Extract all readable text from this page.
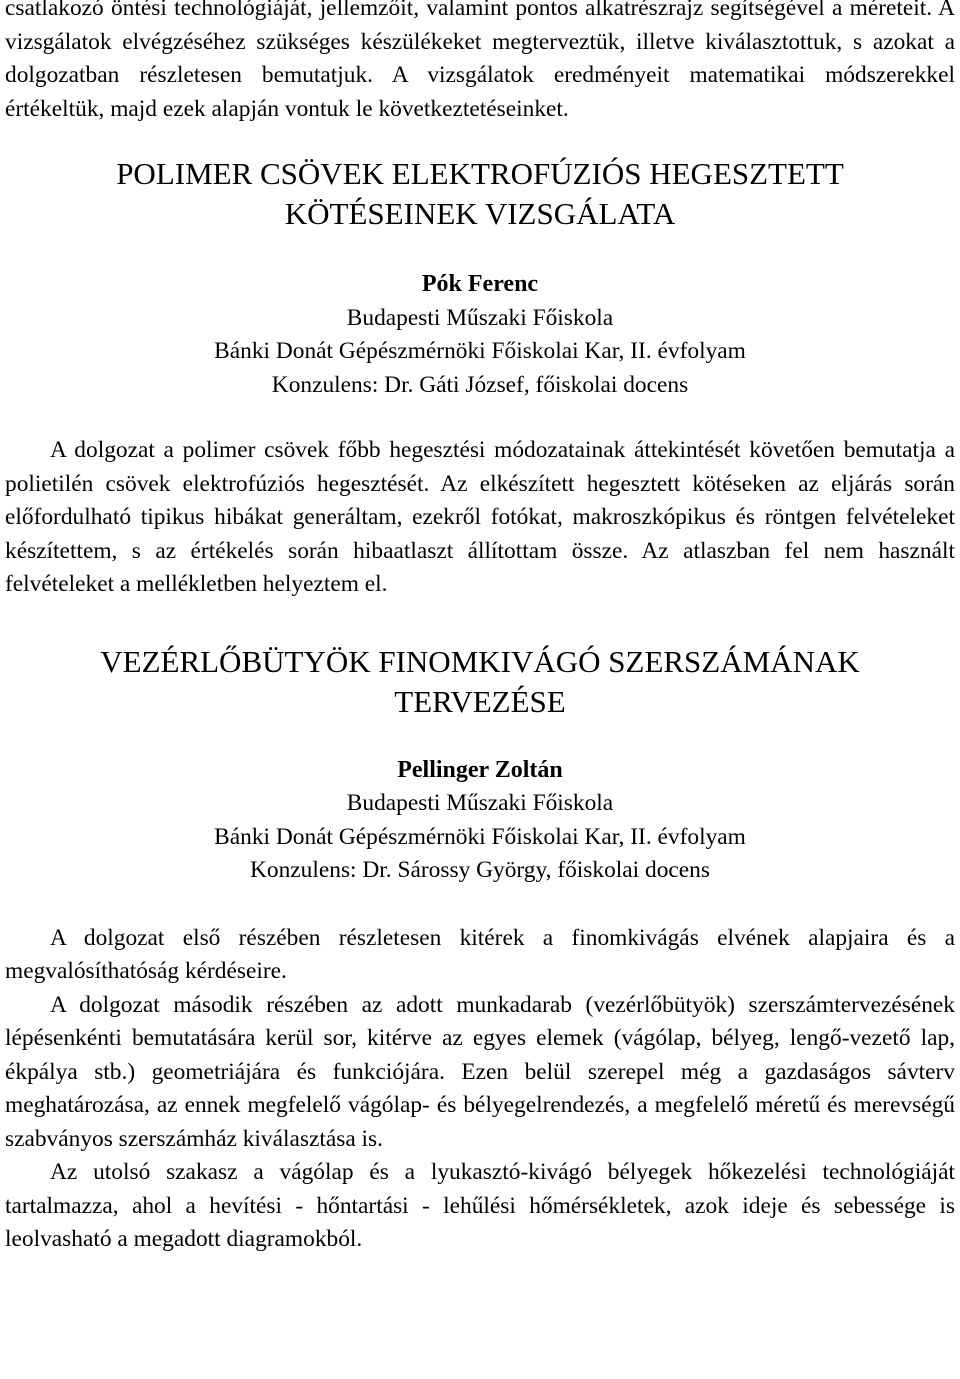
csatlakozó öntési technológiáját, jellemzőit, valamint pontos alkatrészrajz segítségével a méreteit. A vizsgálatok elvégzéséhez szükséges készülékeket megterveztük, illetve kiválasztottuk, s azokat a dolgozatban részletesen bemutatjuk. A vizsgálatok eredményeit matematikai módszerekkel értékeltük, majd ezek alapján vontuk le következtetéseinket.

POLIMER CSÖVEK ELEKTROFÚZIÓS HEGESZTETT
KÖTÉSEINEK VIZSGÁLATA
Pók Ferenc
Budapesti Műszaki Főiskola
Bánki Donát Gépészmérnöki Főiskolai Kar, II. évfolyam
Konzulens: Dr. Gáti József, főiskolai docens

A dolgozat a polimer csövek főbb hegesztési módozatainak áttekintését követően bemutatja a polietilén csövek elektrofúziós hegesztését. Az elkészített hegesztett kötéseken az eljárás során előfordulható tipikus hibákat generáltam, ezekről fotókat, makroszkópikus és röntgen felvételeket készítettem, s az értékelés során hibaatlaszt állítottam össze. Az atlaszban fel nem használt felvételeket a mellékletben helyeztem el.

VEZÉRLŐBÜTYÖK FINOMKIVÁGÓ SZERSZÁMÁNAK
TERVEZÉSE
Pellinger Zoltán
Budapesti Műszaki Főiskola
Bánki Donát Gépészmérnöki Főiskolai Kar, II. évfolyam
Konzulens: Dr. Sárossy György, főiskolai docens

A dolgozat első részében részletesen kitérek a finomkivágás elvének alapjaira és a megvalósíthatóság kérdéseire.

A dolgozat második részében az adott munkadarab (vezérlőbütyök) szerszámtervezésének lépésenkénti bemutatására kerül sor, kitérve az egyes elemek (vágólap, bélyeg, lengő-vezető lap, ékpálya stb.) geometriájára és funkciójára. Ezen belül szerepel még a gazdaságos sávterv meghatározása, az ennek megfelelő vágólap- és bélyegelrendezés, a megfelelő méretű és merevségű szabványos szerszámház kiválasztása is.

Az utolsó szakasz a vágólap és a lyukasztó-kivágó bélyegek hőkezelési technológiáját tartalmazza, ahol a hevítési - hőntartási - lehűlési hőmérsékletek, azok ideje és sebessége is leolvasható a megadott diagramokból.
